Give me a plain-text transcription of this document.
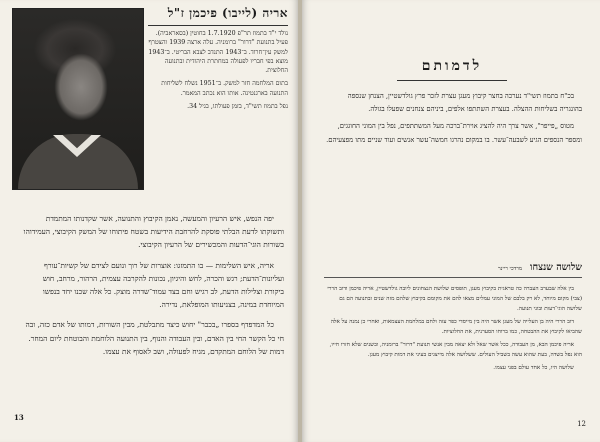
אריה (לייבו) פיכמן ז"ל

נולד י"ד בתמוז תר"פ 1.7.1920 בחוטין (בסאראביה). פעיל בתנועת "דרור" ברומניה. עלה ארצה 1939 והצטרף למשק עין־חרוד. ב־1943 התנדב לצבא הבריטי. ב־1943 מוצא בפי חבריו לפעולה במחתרת היהודית ובתנועה החלוצית.

בתום המלחמה חזר למשק. ב־1951 נשלח לשליחות התנועה בארגנטינה. אותו הוא נכתב המאמר.

נפל בתמוז תשי"ד, בזמן פעולתו, בגיל 34.

יפה הנפש, איש הרעיון והמעשה, נאמן הקיבוץ והתנועה, אשר שקדנותו המתמדת ותשוקתו לדעת הבלתי פוסקת להרחבת הידיעות בשטח פיתוחו של המשק הקיבוצי, העמידוהו בשורות הוגי־הדעות והמכשירים של הרעיון הקיבוצי.

אריה, איש השלימות — בו התמזגו: אוצרות של רוך ונועם לצידם של קשיות־עורף ועליונות־הדעת; רגש והכרה, לחש והיגיון, נכונות להקרבה עצמית, הרהור, מרחב, חוש ביקורת וצלילות הדעת, לב רגיש וחם בצד עמוד־שדרה מוצק. כל אלה שכנו יחד בנפשו המיוחדת במינה, בצניעותו המופלאת, נדירה.

כל המדפדף בספרו „בכבר" יחוש כיצד מתבלטת, מבין השורות, דמותו של אדם כזה, ובה חי כל הקשר החי בין האדם, ובין העבודה והנוף, בין התנועה הלוחמת והבוטחת ליום המחר. דמות של הלוחם המתקדם, מגיח לפעולה, ושב לאסוף את עצמו.

13
לדמותם

בכ"ח בתמוז תשי"ד נערכה בחצר קיבוץ מעגן עצרת לזכר פרץ גולדשטיין, הצנחן שנספה בהונגריה בשליחות ההצלה. בעצרת השתתפו אלפים, ביניהם צנחנים שפעלו בגולה.

מטוס „פייפר", אשר צרך היה להציג אוירת־ברכה מעל המשתתפים, נפל בין המוני החוגגים, ומספר הנספים הגיע לשבעה־עשר. בו במקום נהרגו חמשה־עשר אנשים ועוד שניים מתו מפצעיהם.

שלושה שנצחו
מרדכי ריינר

בין אלה שבערב העברה כה טראגית בקיבוץ מעגן, תופסים שלושת הנצחונים ליובה גולדשטיין, אריה פיכמן ודוב הררי (צבי) מקום מיוחד, לא רק בלבם של המוני עמלים מצאו להם את מקומם בקיבוץ שלהם מזה שנים ובתנועה הם גם שלושה הוגי־דעות ובוני תנועה.

דוב הררי היה בן העלייה של מעגן אשר היה בין מייסדי כפר עזה ולחם במלחמת העצמאות, ואחרי כן נמנה על אלה שהביאו לקיבוץ את ההבטחה, כמו ברוחו הסערנית, את החלוציות.

אריה פיכמן הבא, מן העבודה, ככל אשר שאל ולא יצאה מבין אנשי תנועת "דרור" ברומניה, ובשנים שלא חזרו חייו, הוא נפל בשדה, בעת שהוא עשה בשביל העולים. ששלושה אלה מייצגים בעיני את דמות קיבוץ מעגן.

שלושה היו, כל אחד עולם בפני עצמו.

12
